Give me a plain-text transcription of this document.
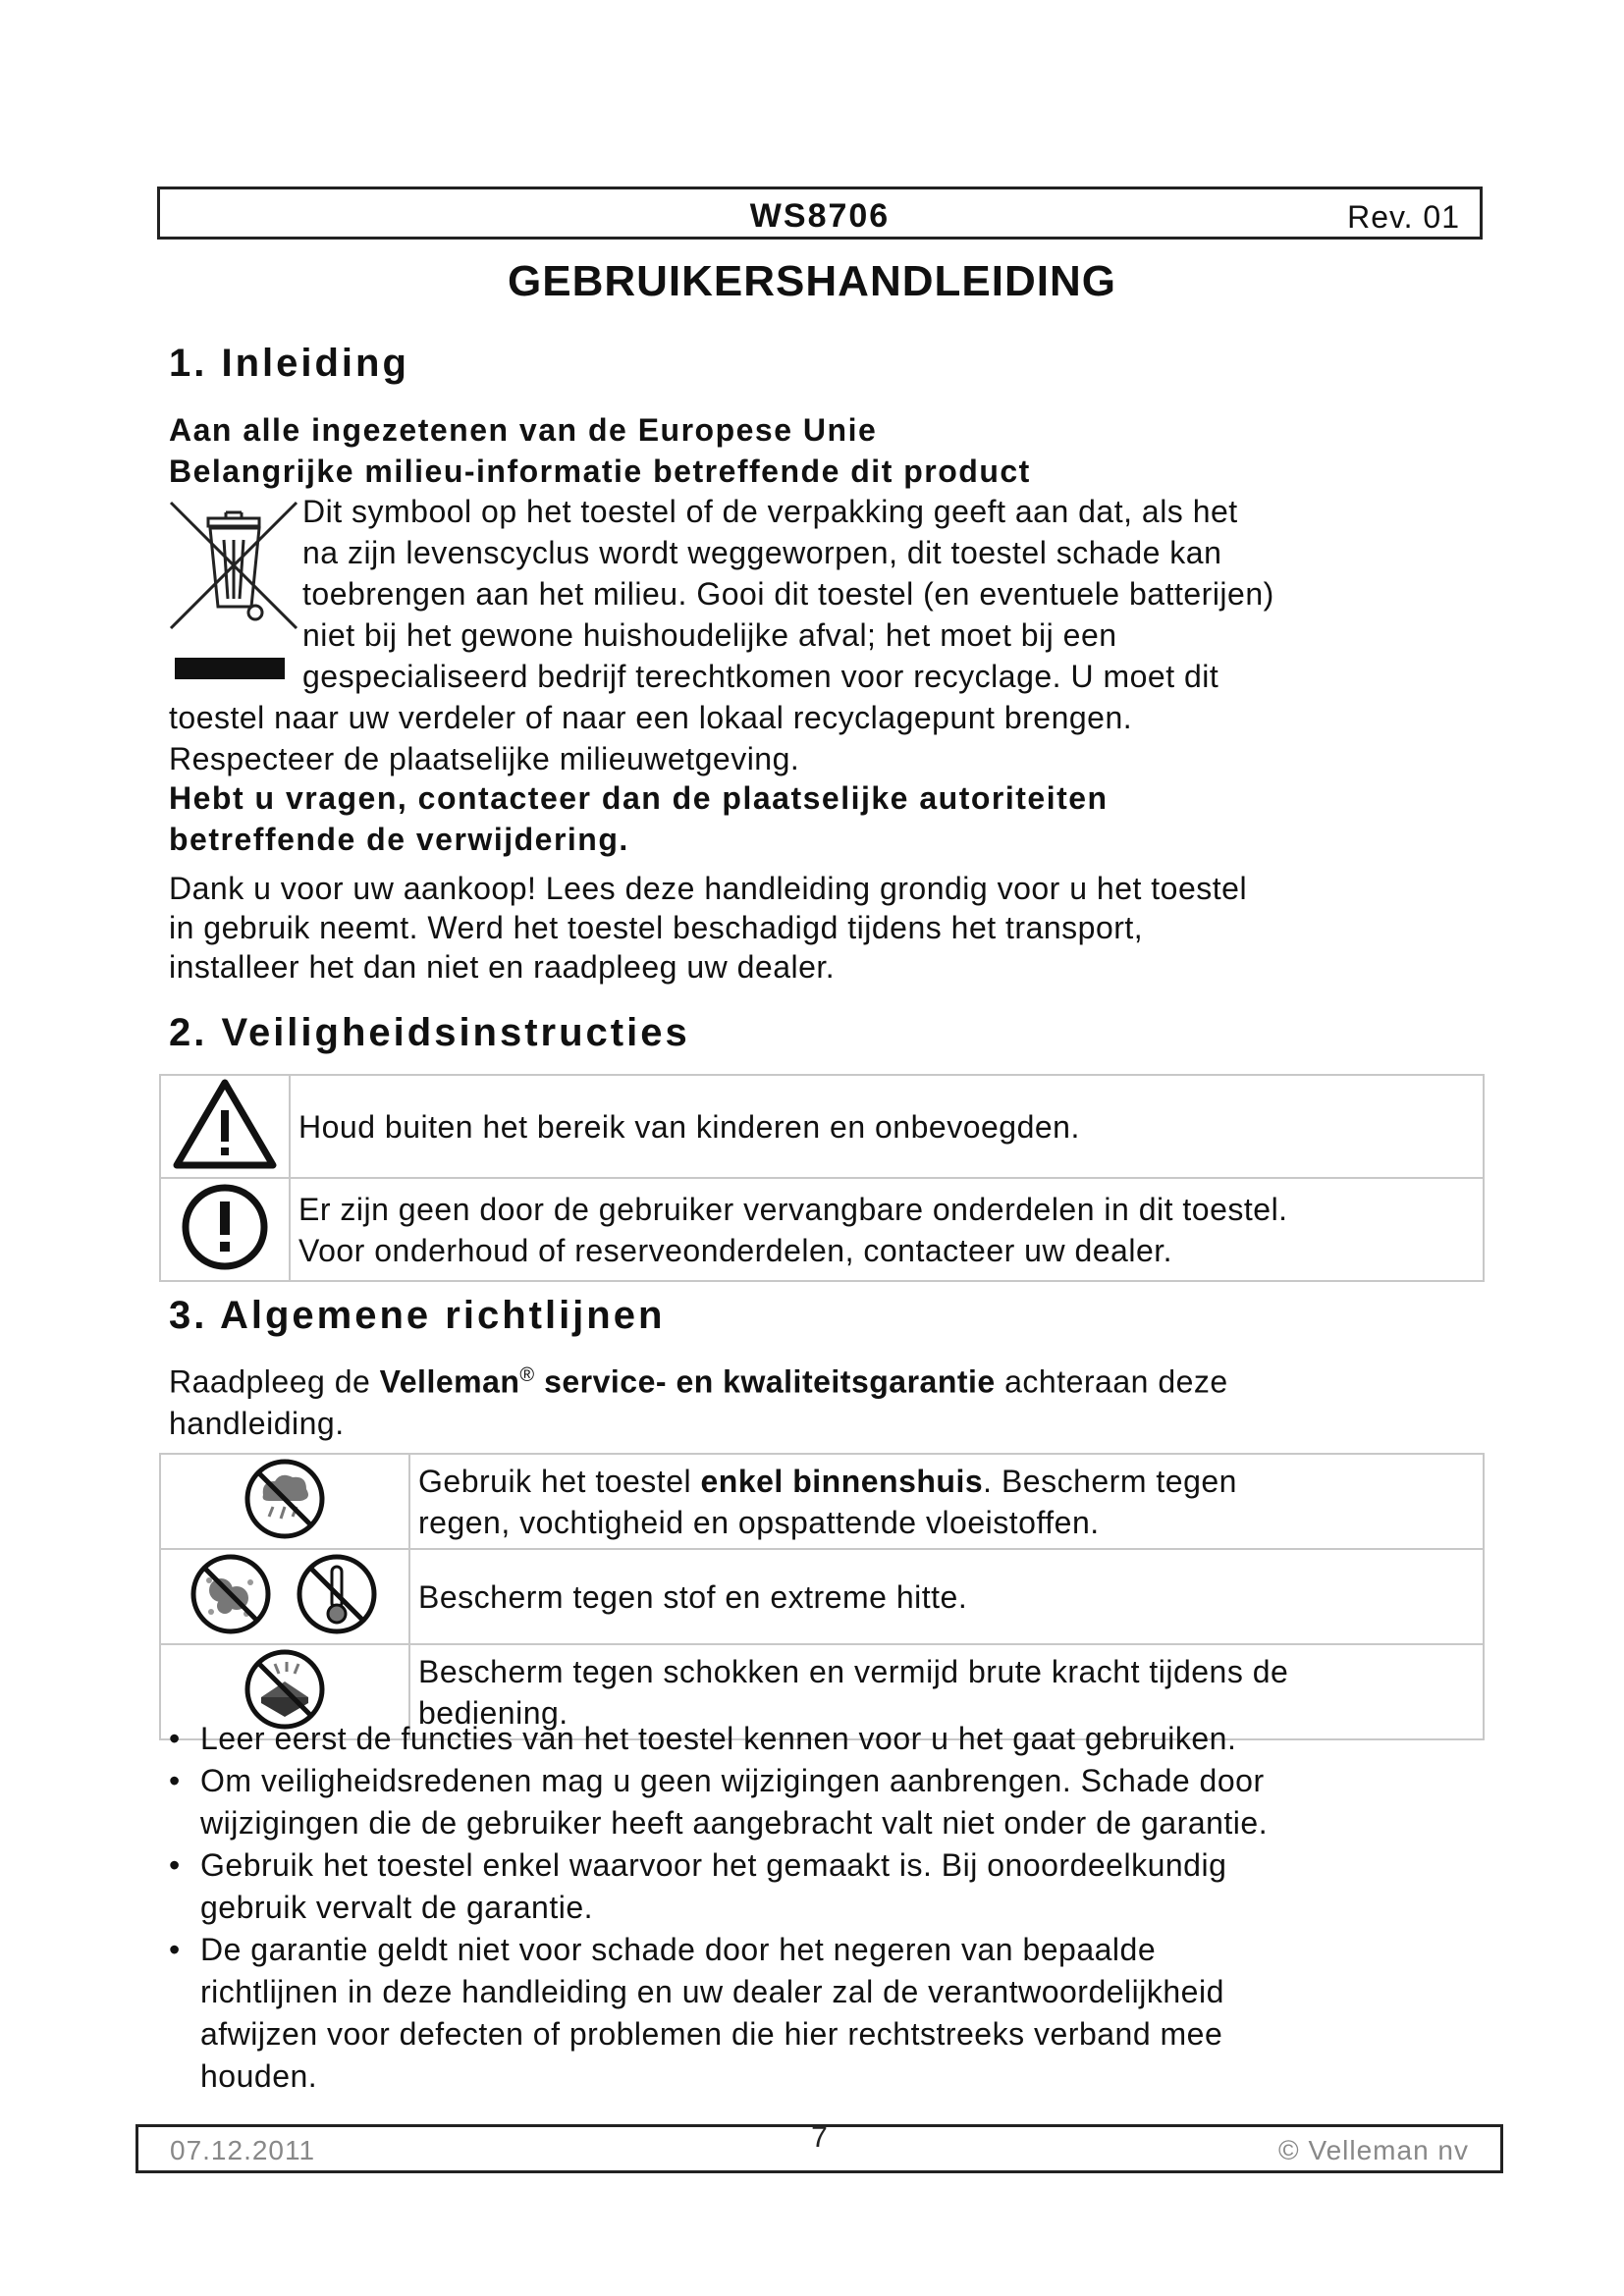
WS8706	Rev. 01
GEBRUIKERSHANDLEIDING
1. Inleiding
Aan alle ingezetenen van de Europese Unie
Belangrijke milieu-informatie betreffende dit product

Dit symbool op het toestel of de verpakking geeft aan dat, als het

na zijn levenscyclus wordt weggeworpen, dit toestel schade kan

toebrengen aan het milieu. Gooi dit toestel (en eventuele batterijen)

niet bij het gewone huishoudelijke afval; het moet bij een

gespecialiseerd bedrijf terechtkomen voor recyclage. U moet dit

toestel naar uw verdeler of naar een lokaal recyclagepunt brengen.

Respecteer de plaatselijke milieuwetgeving.

Hebt u vragen, contacteer dan de plaatselijke autoriteiten

betreffende de verwijdering.

Dank u voor uw aankoop! Lees deze handleiding grondig voor u het toestel

in gebruik neemt. Werd het toestel beschadigd tijdens het transport,

installeer het dan niet en raadpleeg uw dealer.

2. Veiligheidsinstructies

Houd buiten het bereik van kinderen en onbevoegden.

Er zijn geen door de gebruiker vervangbare onderdelen in dit toestel.
Voor onderhoud of reserveonderdelen, contacteer uw dealer.
3. Algemene richtlijnen

Raadpleeg de Velleman® service- en kwaliteitsgarantie achteraan deze

handleiding.

Gebruik het toestel enkel binnenshuis. Bescherm tegen
regen, vochtigheid en opspattende vloeistoffen.

Bescherm tegen stof en extreme hitte.

Bescherm tegen schokken en vermijd brute kracht tijdens de
bediening.
• Leer eerst de functies van het toestel kennen voor u het gaat gebruiken.
• Om veiligheidsredenen mag u geen wijzigingen aanbrengen. Schade door
wijzigingen die de gebruiker heeft aangebracht valt niet onder de garantie.
• Gebruik het toestel enkel waarvoor het gemaakt is. Bij onoordeelkundig
gebruik vervalt de garantie.
• De garantie geldt niet voor schade door het negeren van bepaalde
richtlijnen in deze handleiding en uw dealer zal de verantwoordelijkheid
afwijzen voor defecten of problemen die hier rechtstreeks verband mee
houden.
07.12.2011	7	© Velleman nv
